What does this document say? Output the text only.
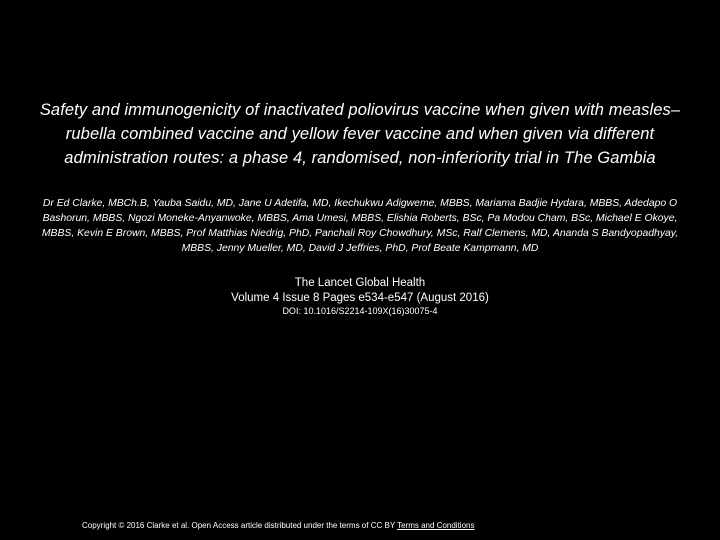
Safety and immunogenicity of inactivated poliovirus vaccine when given with measles–rubella combined vaccine and yellow fever vaccine and when given via different administration routes: a phase 4, randomised, non-inferiority trial in The Gambia
Dr Ed Clarke, MBCh.B, Yauba Saidu, MD, Jane U Adetifa, MD, Ikechukwu Adigweme, MBBS, Mariama Badjie Hydara, MBBS, Adedapo O Bashorun, MBBS, Ngozi Moneke-Anyanwoke, MBBS, Ama Umesi, MBBS, Elishia Roberts, BSc, Pa Modou Cham, BSc, Michael E Okoye, MBBS, Kevin E Brown, MBBS, Prof Matthias Niedrig, PhD, Panchali Roy Chowdhury, MSc, Ralf Clemens, MD, Ananda S Bandyopadhyay, MBBS, Jenny Mueller, MD, David J Jeffries, PhD, Prof Beate Kampmann, MD
The Lancet Global Health
Volume 4 Issue 8 Pages e534-e547 (August 2016)
DOI: 10.1016/S2214-109X(16)30075-4
Copyright © 2016 Clarke et al. Open Access article distributed under the terms of CC BY Terms and Conditions
